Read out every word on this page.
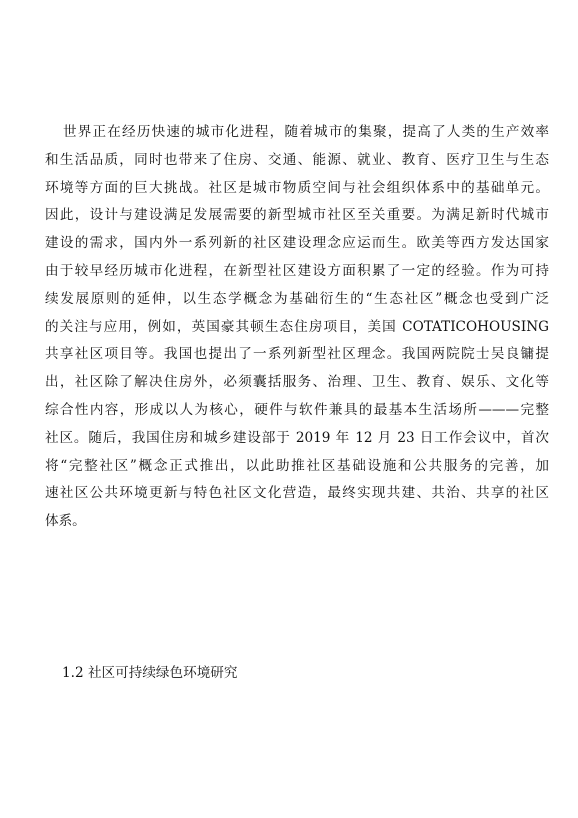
世界正在经历快速的城市化进程，随着城市的集聚，提高了人类的生产效率
和生活品质，同时也带来了住房、交通、能源、就业、教育、医疗卫生与生态
环境等方面的巨大挑战。社区是城市物质空间与社会组织体系中的基础单元。
因此，设计与建设满足发展需要的新型城市社区至关重要。为满足新时代城市
建设的需求，国内外一系列新的社区建设理念应运而生。欧美等西方发达国家
由于较早经历城市化进程，在新型社区建设方面积累了一定的经验。作为可持
续发展原则的延伸，以生态学概念为基础衍生的“生态社区”概念也受到广泛
的关注与应用，例如，英国豪其顿生态住房项目，美国 COTATICOHOUSING
共享社区项目等。我国也提出了一系列新型社区理念。我国两院院士吴良镛提
出，社区除了解决住房外，必须囊括服务、治理、卫生、教育、娱乐、文化等
综合性内容，形成以人为核心，硬件与软件兼具的最基本生活场所———完整
社区。随后，我国住房和城乡建设部于 2019 年 12 月 23 日工作会议中，首次
将“完整社区”概念正式推出，以此助推社区基础设施和公共服务的完善，加
速社区公共环境更新与特色社区文化营造，最终实现共建、共治、共享的社区
体系。
1.2 社区可持续绿色环境研究
